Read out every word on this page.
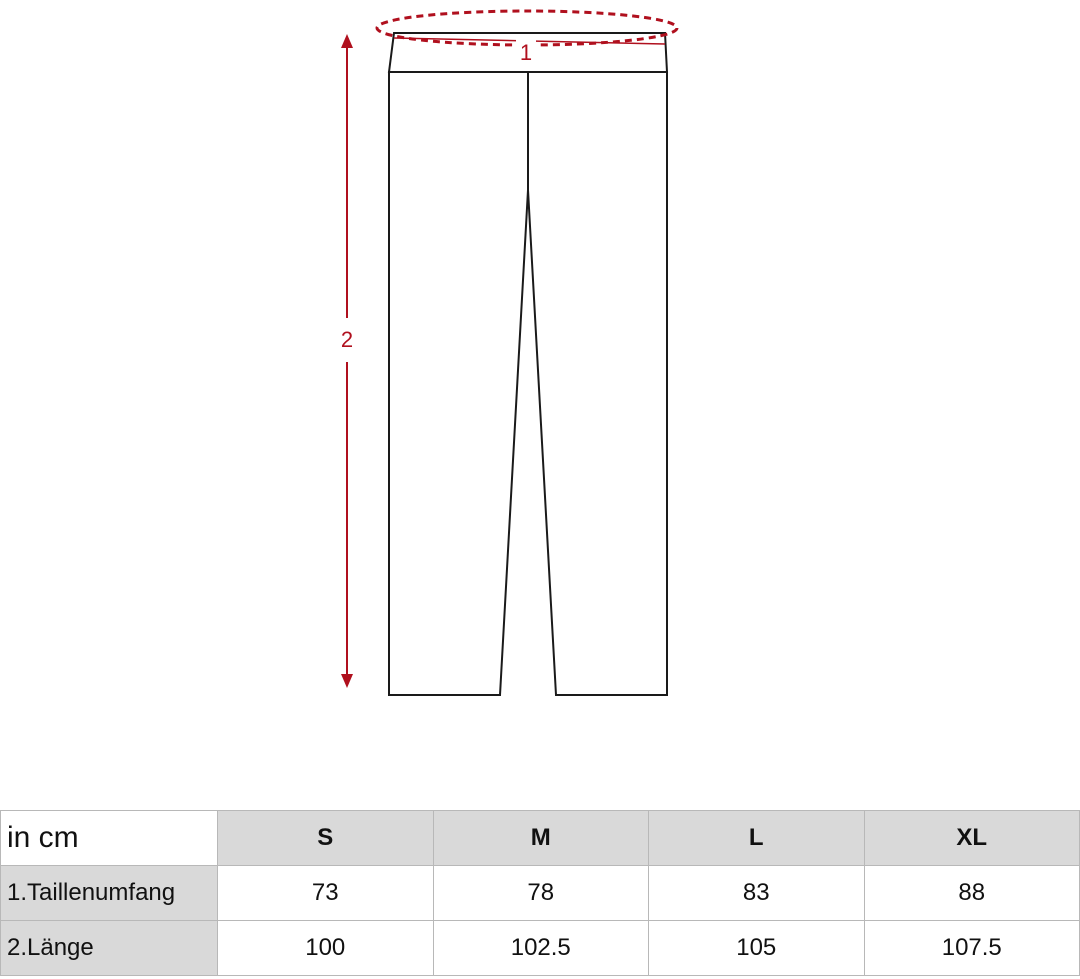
1
2
in cm	S	M	L	XL
1.Taillenumfang	73	78	83	88
2.Länge	100	102.5	105	107.5
